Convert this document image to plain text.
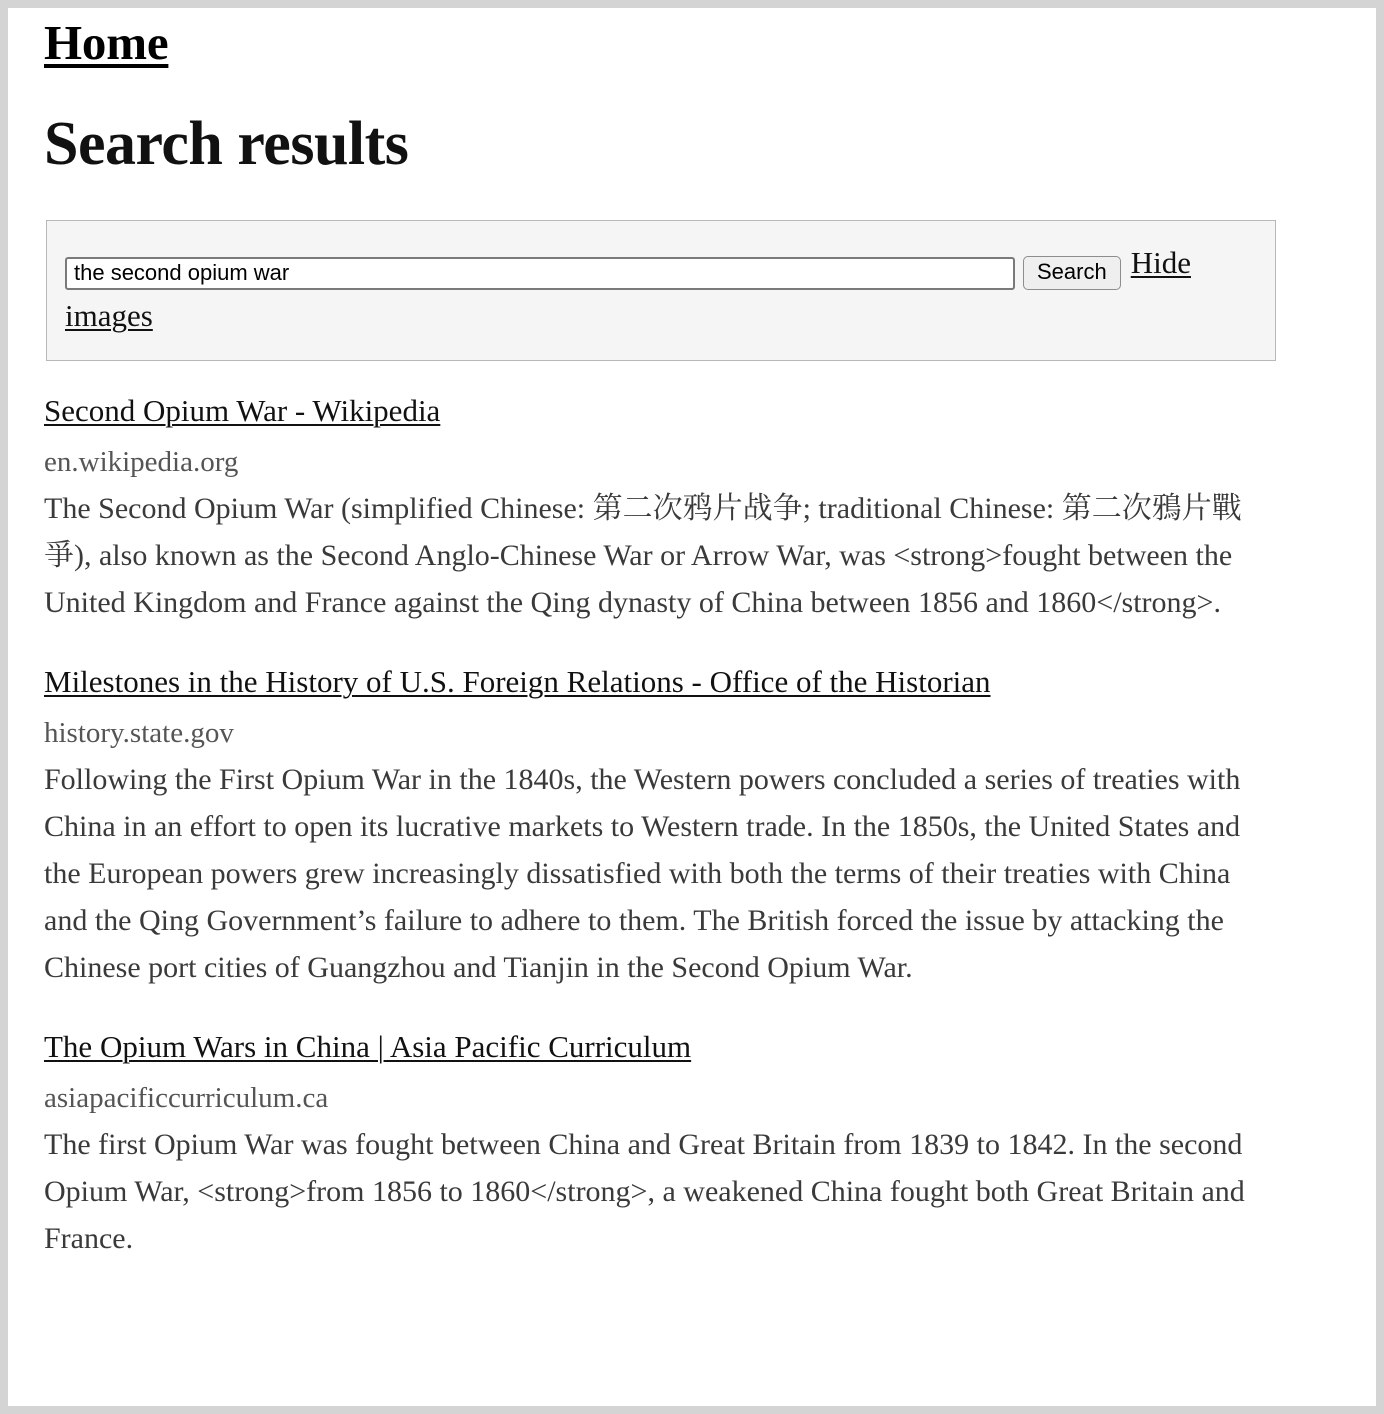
Home
Search results
the second opium war Search Hide images
Second Opium War - Wikipedia
en.wikipedia.org
The Second Opium War (simplified Chinese: 第二次鸦片战争; traditional Chinese: 第二次鴉片戰爭), also known as the Second Anglo-Chinese War or Arrow War, was <strong>fought between the United Kingdom and France against the Qing dynasty of China between 1856 and 1860</strong>.
Milestones in the History of U.S. Foreign Relations - Office of the Historian
history.state.gov
Following the First Opium War in the 1840s, the Western powers concluded a series of treaties with China in an effort to open its lucrative markets to Western trade. In the 1850s, the United States and the European powers grew increasingly dissatisfied with both the terms of their treaties with China and the Qing Government’s failure to adhere to them. The British forced the issue by attacking the Chinese port cities of Guangzhou and Tianjin in the Second Opium War.
The Opium Wars in China | Asia Pacific Curriculum
asiapacificcurriculum.ca
The first Opium War was fought between China and Great Britain from 1839 to 1842. In the second Opium War, <strong>from 1856 to 1860</strong>, a weakened China fought both Great Britain and France.
